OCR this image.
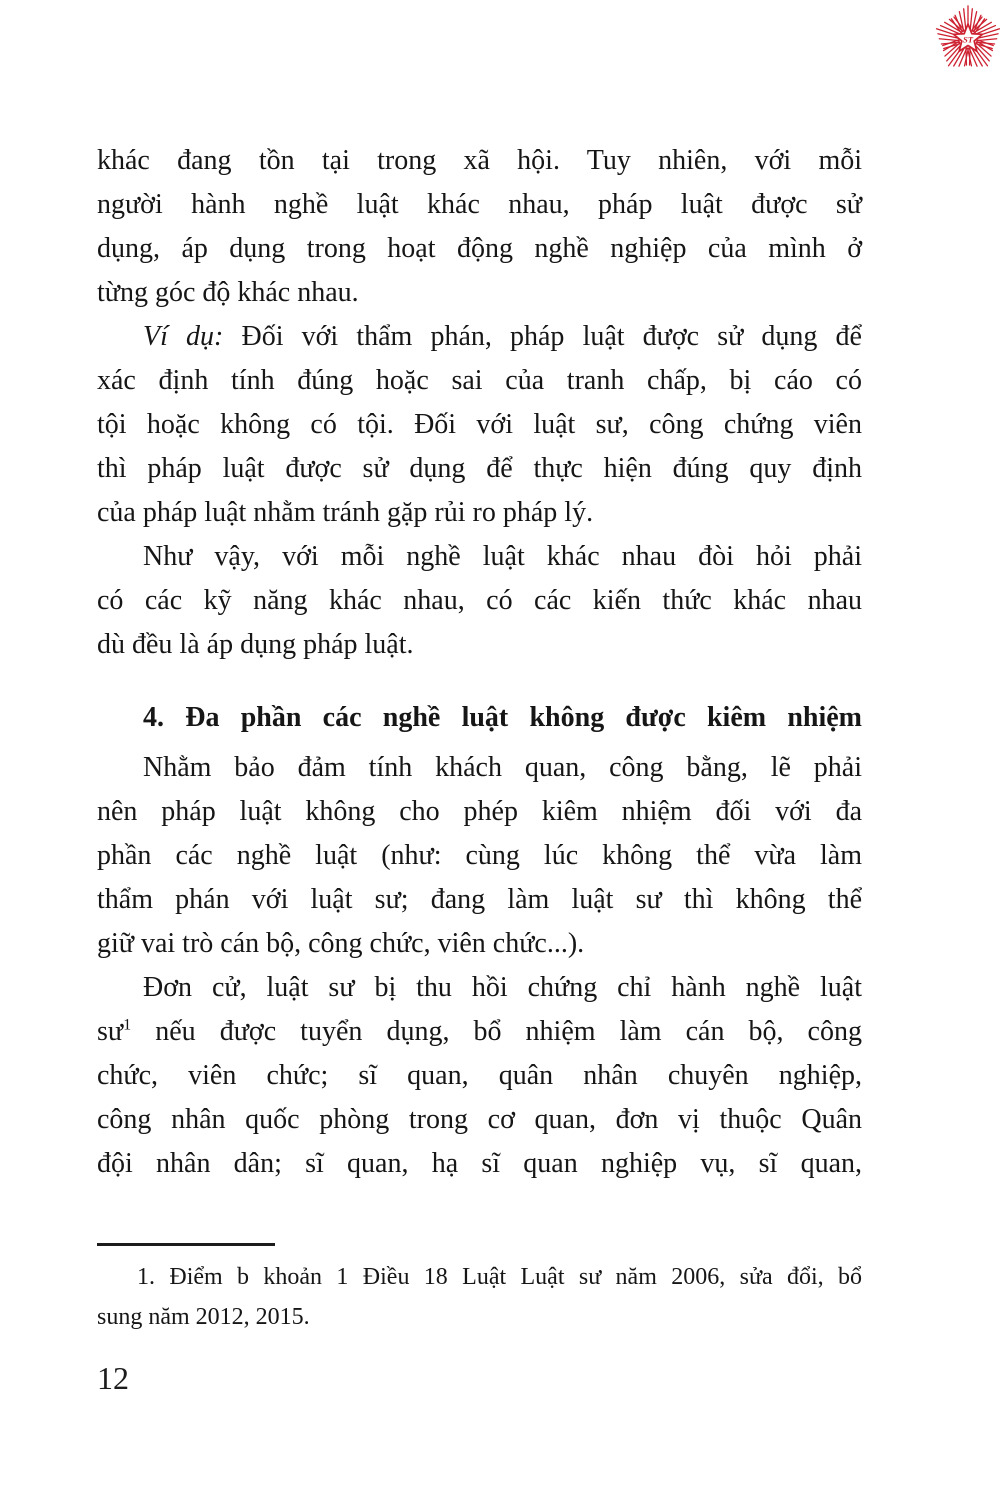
ST
khác đang tồn tại trong xã hội. Tuy nhiên, với mỗi
người hành nghề luật khác nhau, pháp luật được sử
dụng, áp dụng trong hoạt động nghề nghiệp của mình ở
từng góc độ khác nhau.
Ví dụ: Đối với thẩm phán, pháp luật được sử dụng để
xác định tính đúng hoặc sai của tranh chấp, bị cáo có
tội hoặc không có tội. Đối với luật sư, công chứng viên
thì pháp luật được sử dụng để thực hiện đúng quy định
của pháp luật nhằm tránh gặp rủi ro pháp lý.
Như vậy, với mỗi nghề luật khác nhau đòi hỏi phải
có các kỹ năng khác nhau, có các kiến thức khác nhau
dù đều là áp dụng pháp luật.
4. Đa phần các nghề luật không được kiêm nhiệm
Nhằm bảo đảm tính khách quan, công bằng, lẽ phải
nên pháp luật không cho phép kiêm nhiệm đối với đa
phần các nghề luật (như: cùng lúc không thể vừa làm
thẩm phán với luật sư; đang làm luật sư thì không thể
giữ vai trò cán bộ, công chức, viên chức...).
Đơn cử, luật sư bị thu hồi chứng chỉ hành nghề luật
$sư^1$ nếu được tuyển dụng, bổ nhiệm làm cán bộ, công
chức, viên chức; sĩ quan, quân nhân chuyên nghiệp,
công nhân quốc phòng trong cơ quan, đơn vị thuộc Quân
đội nhân dân; sĩ quan, hạ sĩ quan nghiệp vụ, sĩ quan,
1. Điểm b khoản 1 Điều 18 Luật Luật sư năm 2006, sửa đổi, bổ
sung năm 2012, 2015.
12
